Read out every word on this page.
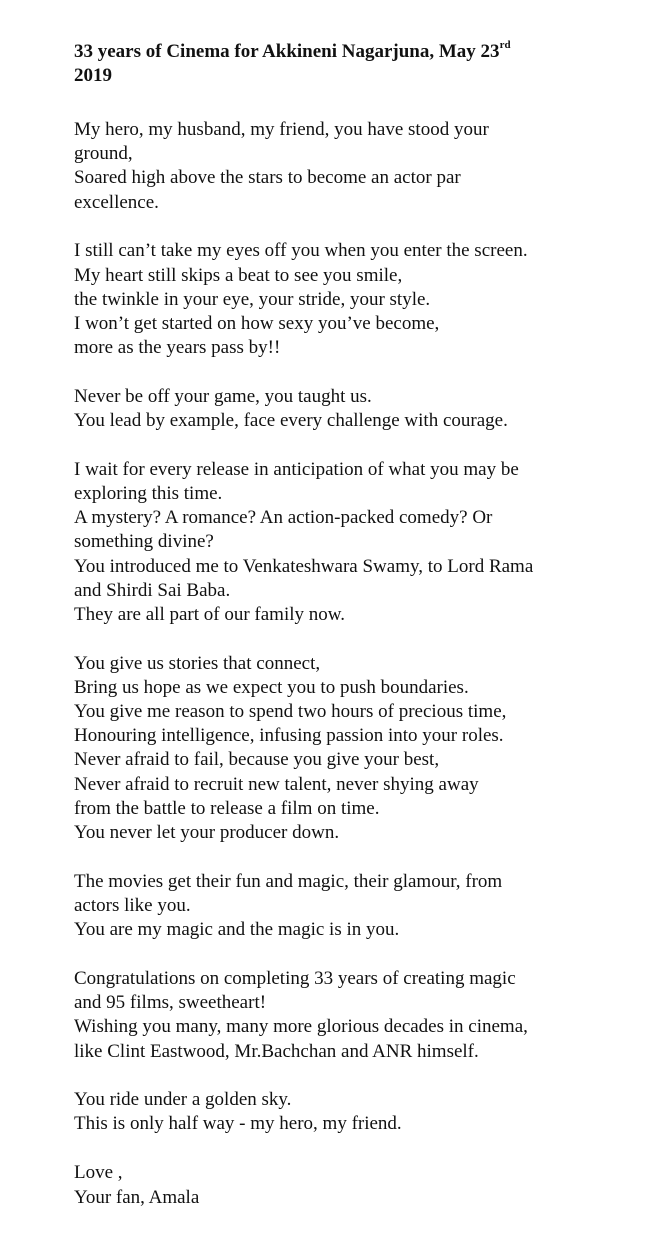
33 years of Cinema for Akkineni Nagarjuna, May 23rd
2019
My hero, my husband, my friend, you have stood your
ground,
Soared high above the stars to become an actor par
excellence.
I still can’t take my eyes off you when you enter the screen.
My heart still skips a beat to see you smile,
the twinkle in your eye, your stride, your style.
I won’t get started on how sexy you’ve become,
more as the years pass by!!
Never be off your game, you taught us.
You lead by example, face every challenge with courage.
I wait for every release in anticipation of what you may be
exploring this time.
A mystery? A romance? An action-packed comedy? Or
something divine?
You introduced me to Venkateshwara Swamy, to Lord Rama
and Shirdi Sai Baba.
They are all part of our family now.
You give us stories that connect,
Bring us hope as we expect you to push boundaries.
You give me reason to spend two hours of precious time,
Honouring intelligence, infusing passion into your roles.
Never afraid to fail, because you give your best,
Never afraid to recruit new talent, never shying away
from the battle to release a film on time.
You never let your producer down.
The movies get their fun and magic, their glamour, from
actors like you.
You are my magic and the magic is in you.
Congratulations on completing 33 years of creating magic
and 95 films, sweetheart!
Wishing you many, many more glorious decades in cinema,
like Clint Eastwood, Mr.Bachchan and ANR himself.
You ride under a golden sky.
This is only half way - my hero, my friend.
Love ,
Your fan, Amala
